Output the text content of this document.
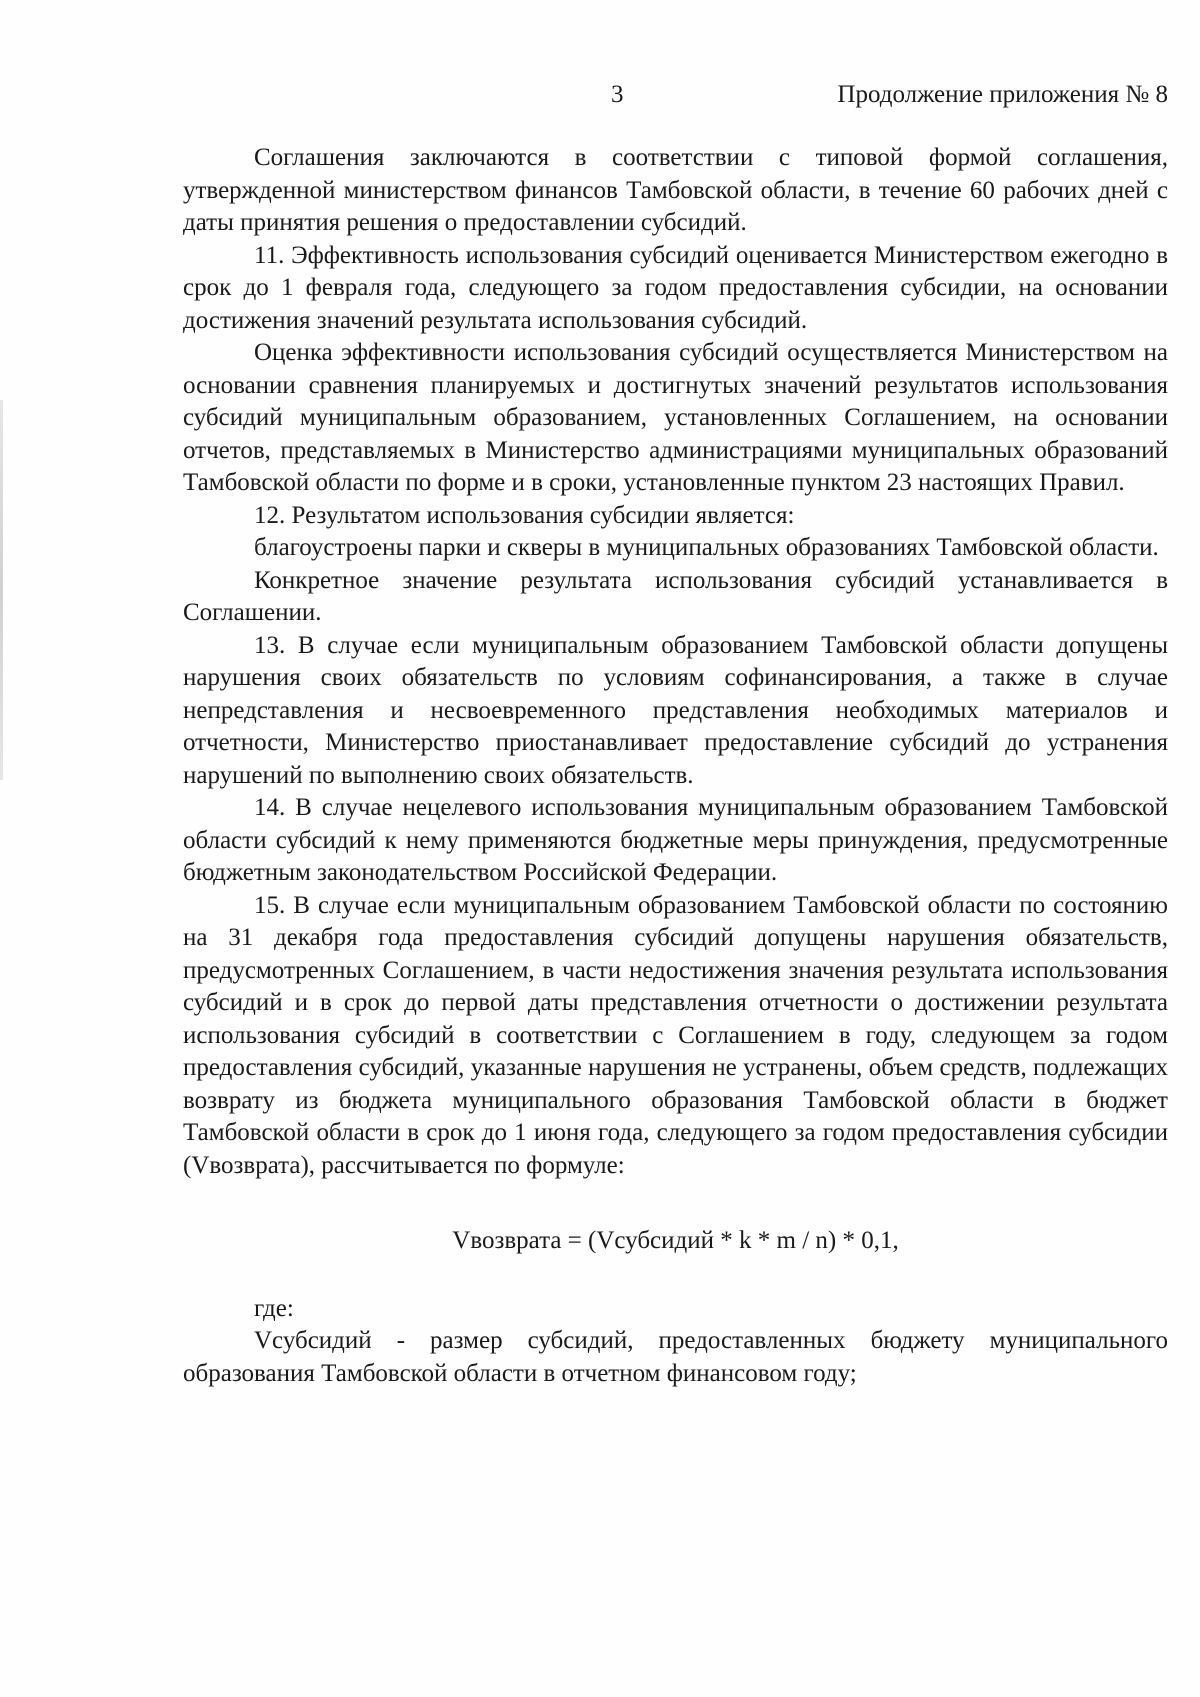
3	Продолжение приложения № 8

Соглашения заключаются в соответствии с типовой формой соглашения, утвержденной министерством финансов Тамбовской области, в течение 60 рабочих дней с даты принятия решения о предоставлении субсидий.

11. Эффективность использования субсидий оценивается Министерством ежегодно в срок до 1 февраля года, следующего за годом предоставления субсидии, на основании достижения значений результата использования субсидий.

Оценка эффективности использования субсидий осуществляется Министерством на основании сравнения планируемых и достигнутых значений результатов использования субсидий муниципальным образованием, установленных Соглашением, на основании отчетов, представляемых в Министерство администрациями муниципальных образований Тамбовской области по форме и в сроки, установленные пунктом 23 настоящих Правил.

12. Результатом использования субсидии является:

благоустроены парки и скверы в муниципальных образованиях Тамбовской области.

Конкретное значение результата использования субсидий устанавливается в Соглашении.

13. В случае если муниципальным образованием Тамбовской области допущены нарушения своих обязательств по условиям софинансирования, а также в случае непредставления и несвоевременного представления необходимых материалов и отчетности, Министерство приостанавливает предоставление субсидий до устранения нарушений по выполнению своих обязательств.

14. В случае нецелевого использования муниципальным образованием Тамбовской области субсидий к нему применяются бюджетные меры принуждения, предусмотренные бюджетным законодательством Российской Федерации.

15. В случае если муниципальным образованием Тамбовской области по состоянию на 31 декабря года предоставления субсидий допущены нарушения обязательств, предусмотренных Соглашением, в части недостижения значения результата использования субсидий и в срок до первой даты представления отчетности о достижении результата использования субсидий в соответствии с Соглашением в году, следующем за годом предоставления субсидий, указанные нарушения не устранены, объем средств, подлежащих возврату из бюджета муниципального образования Тамбовской области в бюджет Тамбовской области в срок до 1 июня года, следующего за годом предоставления субсидии (Vвозврата), рассчитывается по формуле:

Vвозврата = (Vсубсидий * k * m / n) * 0,1,

где:

Vсубсидий - размер субсидий, предоставленных бюджету муниципального образования Тамбовской области в отчетном финансовом году;
